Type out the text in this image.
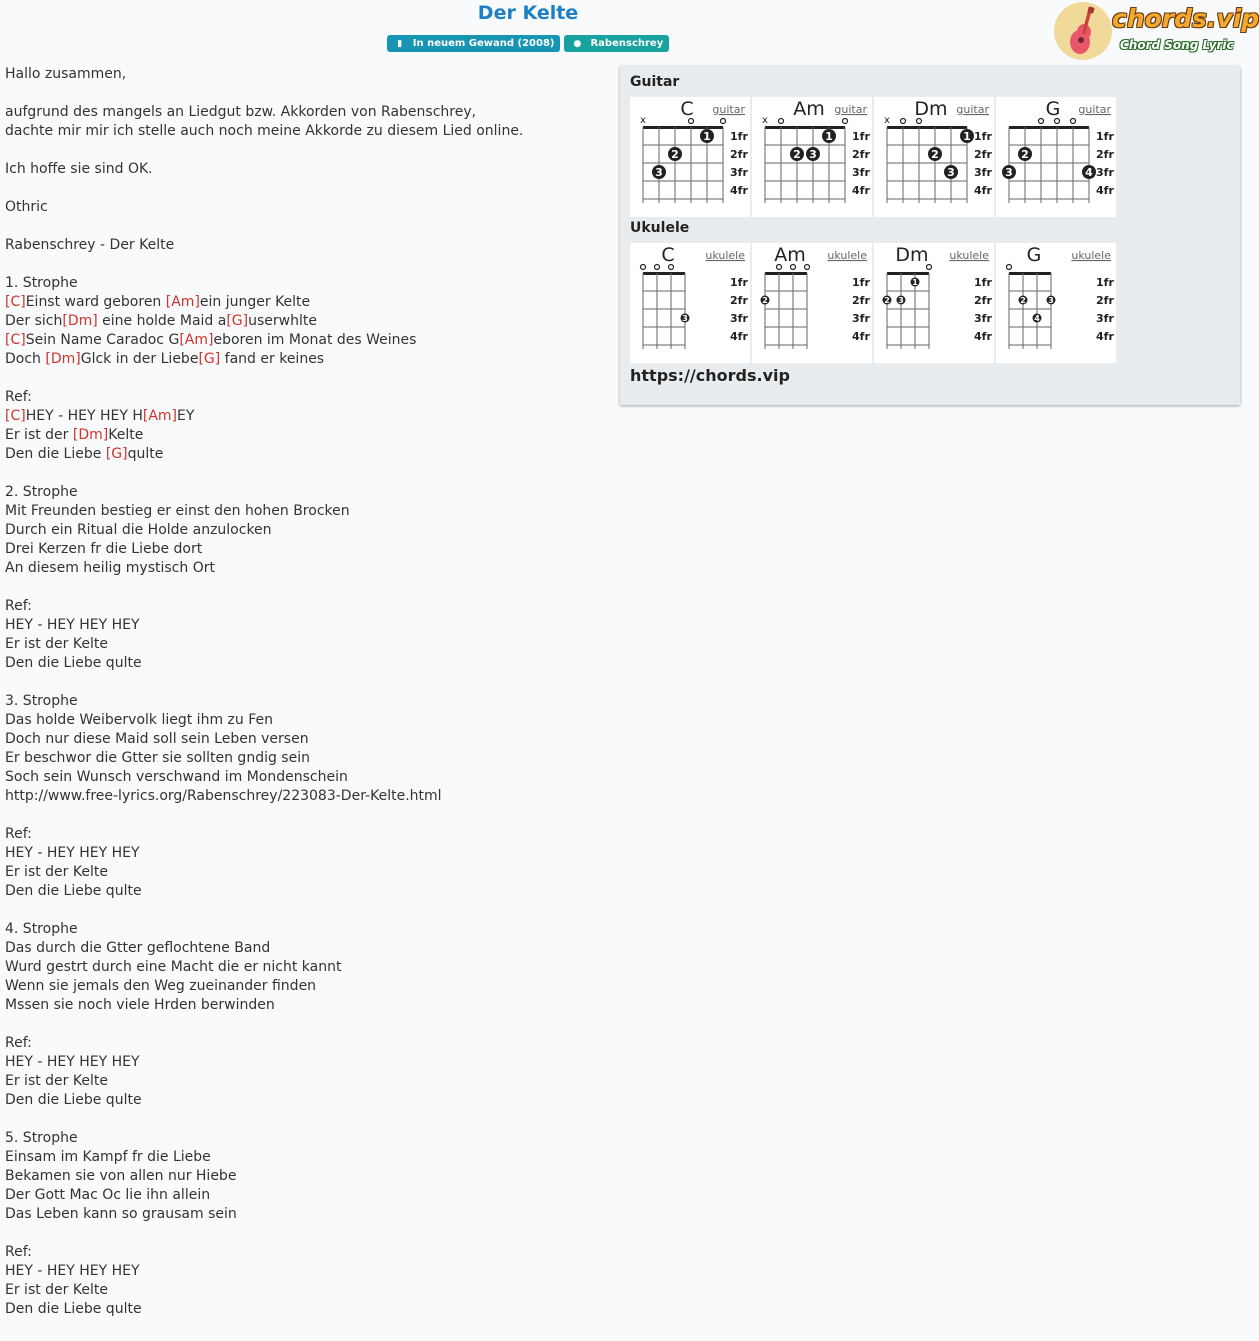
Der Kelte
▮	In neuem Gewand (2008)	● Rabenschrey
chords.vip
Chord Song Lyric
Hallo zusammen,
aufgrund des mangels an Liedgut bzw. Akkorden von Rabenschrey,
dachte mir mir ich stelle auch noch meine Akkorde zu diesem Lied online.
Ich hoffe sie sind OK.
Othric
Rabenschrey - Der Kelte
1. Strophe
[C]Einst ward geboren [Am]ein junger Kelte
Der sich[Dm] eine holde Maid a[G]userwhlte
[C]Sein Name Caradoc G[Am]eboren im Monat des Weines
Doch [Dm]Glck in der Liebe[G] fand er keines
Ref:
[C]HEY - HEY HEY H[Am]EY
Er ist der [Dm]Kelte
Den die Liebe [G]qulte
2. Strophe
Mit Freunden bestieg er einst den hohen Brocken
Durch ein Ritual die Holde anzulocken
Drei Kerzen fr die Liebe dort
An diesem heilig mystisch Ort
Ref:
HEY - HEY HEY HEY
Er ist der Kelte
Den die Liebe qulte
3. Strophe
Das holde Weibervolk liegt ihm zu Fen
Doch nur diese Maid soll sein Leben versen
Er beschwor die Gtter sie sollten gndig sein
Soch sein Wunsch verschwand im Mondenschein
http://www.free-lyrics.org/Rabenschrey/223083-Der-Kelte.html
Ref:
HEY - HEY HEY HEY
Er ist der Kelte
Den die Liebe qulte
4. Strophe
Das durch die Gtter geflochtene Band
Wurd gestrt durch eine Macht die er nicht kannt
Wenn sie jemals den Weg zueinander finden
Mssen sie noch viele Hrden berwinden
Ref:
HEY - HEY HEY HEY
Er ist der Kelte
Den die Liebe qulte
5. Strophe
Einsam im Kampf fr die Liebe
Bekamen sie von allen nur Hiebe
Der Gott Mac Oc lie ihn allein
Das Leben kann so grausam sein
Ref:
HEY - HEY HEY HEY
Er ist der Kelte
Den die Liebe qulte
https://chords.vip
Guitar
C guitar
1fr
2fr
3fr
4fr
x
1
2
3
Am guitar
1fr
2fr
3fr
4fr
x
1
2 3
Dm guitar
1fr
2fr
3fr
4fr
x
1
2
3
G guitar
1fr
2fr
3fr
4fr
2
3	4
Ukulele
C	ukulele
1fr
2fr
3fr
4fr
3
Am ukulele
1fr
2fr
3fr
4fr
2
Dm ukulele
1fr
2fr
3fr
4fr
1
2 3
G	ukulele
1fr
2fr
3fr
4fr
2	3
4
